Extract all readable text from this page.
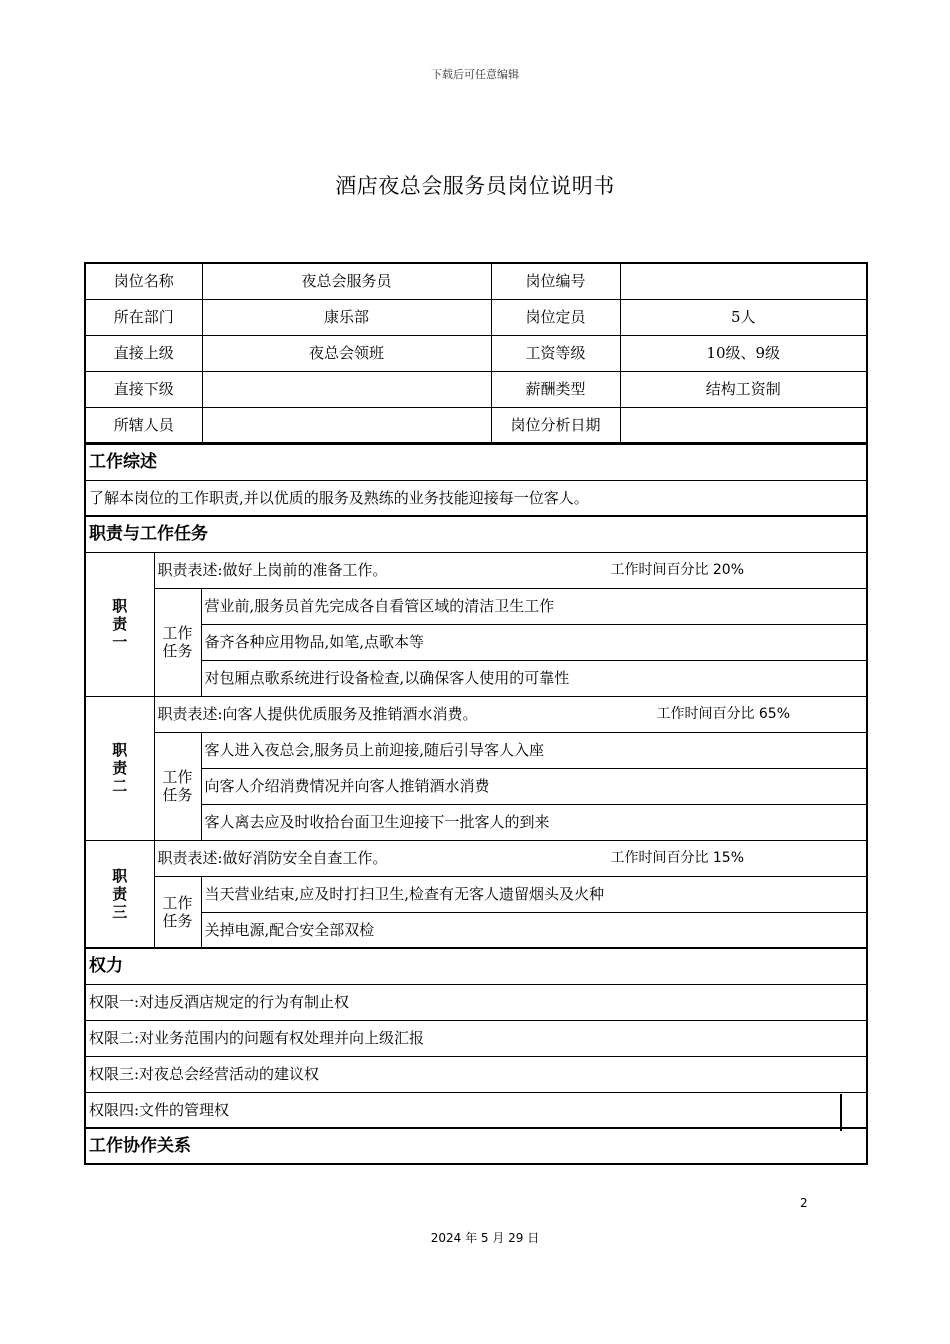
下载后可任意编辑
酒店夜总会服务员岗位说明书
岗位名称	夜总会服务员	岗位编号	
所在部门	康乐部	岗位定员	5人
直接上级	夜总会领班	工资等级	10级、9级
直接下级		薪酬类型	结构工资制
所辖人员		岗位分析日期	
工作综述		
了解本岗位的工作职责,并以优质的服务及熟练的业务技能迎接每一位客人。		
职责与工作任务		
职责一	职责表述:做好上岗前的准备工作。 工作时间百分比 20%	

	工作任务	营业前,服务员首先完成各自看管区域的清洁卫生工作
		备齐各种应用物品,如笔,点歌本等
		对包厢点歌系统进行设备检查,以确保客人使用的可靠性
职责二	职责表述:向客人提供优质服务及推销酒水消费。 工作时间百分比 65%	

	工作任务	客人进入夜总会,服务员上前迎接,随后引导客人入座
		向客人介绍消费情况并向客人推销酒水消费
		客人离去应及时收拾台面卫生迎接下一批客人的到来
职责三	职责表述:做好消防安全自查工作。 工作时间百分比 15%	

	工作任务	当天营业结束,应及时打扫卫生,检查有无客人遗留烟头及火种
		关掉电源,配合安全部双检
权力		
权限一:对违反酒店规定的行为有制止权		
权限二:对业务范围内的问题有权处理并向上级汇报		
权限三:对夜总会经营活动的建议权		
权限四:文件的管理权		
工作协作关系		
2
2024 年 5 月 29 日
